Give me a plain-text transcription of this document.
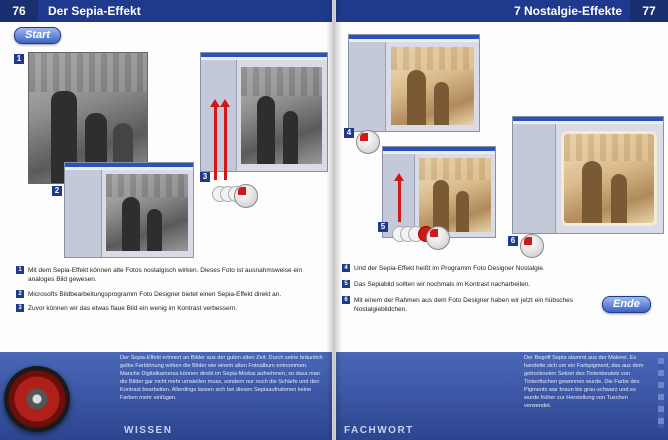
76	Der Sepia-Effekt
Start
1
2
3
1 Mit dem Sepia-Effekt können alte Fotos nostalgisch wirken. Dieses Foto ist ausnahmsweise ein analoges Bild gewesen.
2 Microsofts Bildbearbeitungsprogramm Foto Designer bietet einen Sepia-Effekt direkt an.
3 Zuvor können wir das etwas flaue Bild ein wenig im Kontrast verbessern.
Der Sepia-Effekt erinnert an Bilder aus der guten alten Zeit. Durch seine bräunlich gelbe Farbtönung wirken die Bilder wie einem alten Fotoalbum entnommen. Manche Digitalkameras können direkt im Sepia-Modus aufnehmen, so dass man die Bilder gar nicht mehr umstellen muss, sondern nur noch die Schärfe und den Kontrast bearbeiten. Allerdings lassen sich bei diesen Sepiaaufnahmen keine Farben mehr einfügen.
WISSEN
7 Nostalgie-Effekte	77
4
5
6
4 Und der Sepia-Effekt heißt im Programm Foto Designer Nostalgie.
5 Das Sepiabild sollten wir nochmals im Kontrast nacharbeiten.
6 Mit einem der Rahmen aus dem Foto Designer haben wir jetzt ein hübsches Nostalgiebildchen.	Ende
Der Begriff Sepia stammt aus der Malerei. Es handelte sich um ein Farbpigment, das aus dem getrockneten Sekret des Tintenbeutels von Tintenfischen gewonnen wurde. Die Farbe des Pigments war braun bis grau-schwarz und es wurde früher zur Herstellung von Tuschen verwendet.
FACHWORT
